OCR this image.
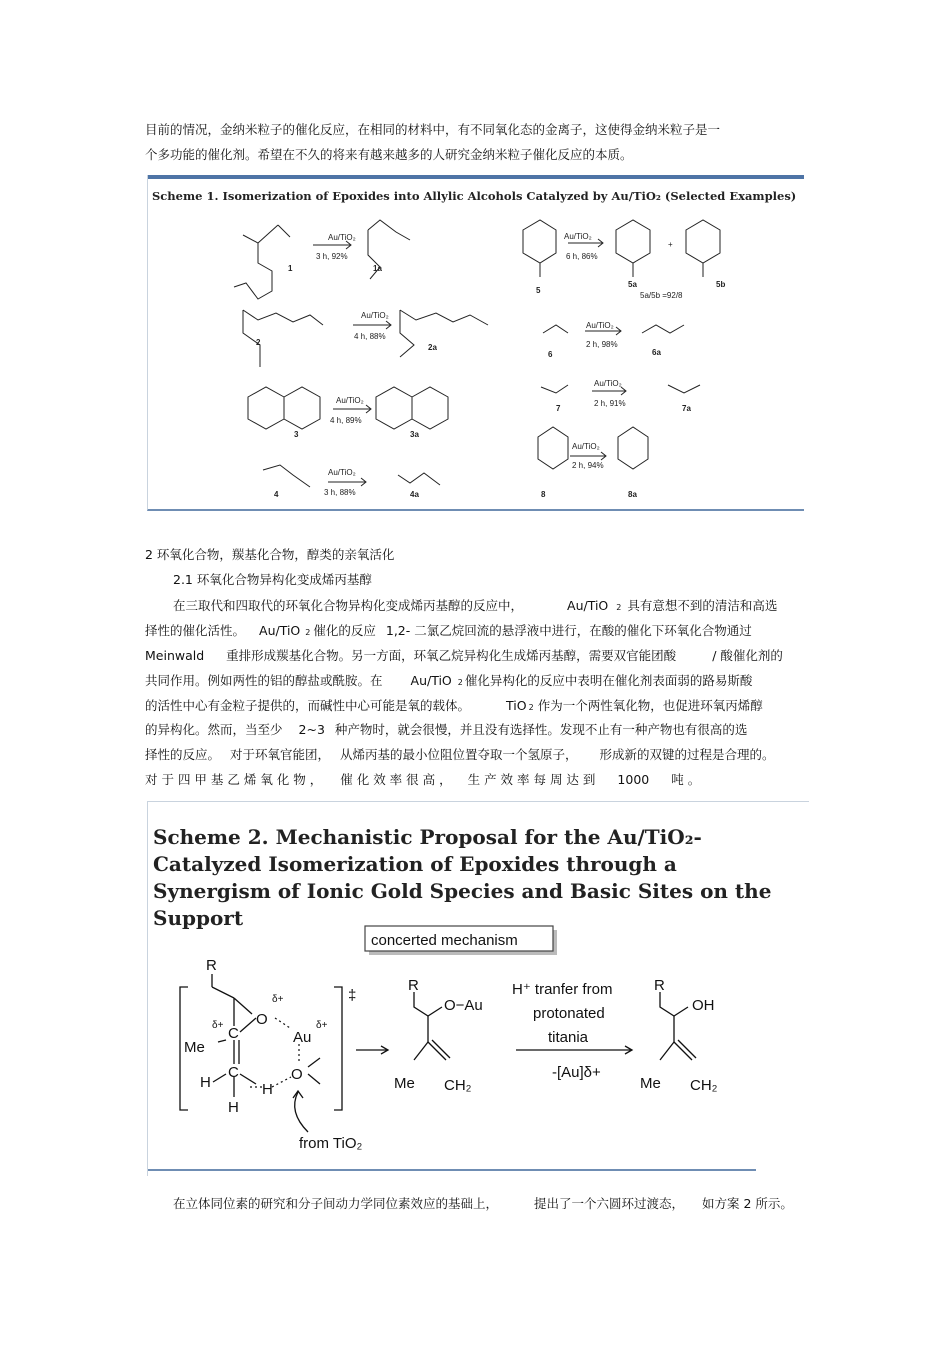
目前的情况，金纳米粒子的催化反应，在相同的材料中，有不同氧化态的金离子，这使得金纳米粒子是一
个多功能的催化剂。希望在不久的将来有越来越多的人研究金纳米粒子催化反应的本质。
Scheme 1. Isomerization of Epoxides into Allylic Alcohols Catalyzed by Au/TiO₂ (Selected Examples)
Au/TiO₂
3 h, 92%
1	1a
Au/TiO₂
4 h, 88%
2
2a
Au/TiO₂
4 h, 89%
3	3a
Au/TiO₂
3 h, 88%
4	4a
Au/TiO₂
6 h, 86%
5
5a
+
5b
5a/5b =92/8
Au/TiO₂
2 h, 98%
6	6a
Au/TiO₂
2 h, 91%
7	7a
Au/TiO₂
2 h, 94%
8	8a
2 环氧化合物，羰基化合物，醇类的亲氧活化
2.1 环氧化合物异构化变成烯丙基醇
在三取代和四取代的环氧化合物异构化变成烯丙基醇的反应中，	Au/TiO 2 具有意想不到的清洁和高选
择性的催化活性。 Au/TiO 2 催化的反应 1,2- 二氯乙烷回流的悬浮液中进行，在酸的催化下环氧化合物通过
Meinwald 重排形成羰基化合物。另一方面，环氧乙烷异构化生成烯丙基醇，需要双官能团酸	/ 酸催化剂的
共同作用。例如两性的铝的醇盐或酰胺。在 Au/TiO 2 催化异构化的反应中表明在催化剂表面弱的路易斯酸
的活性中心有金粒子提供的，而碱性中心可能是氧的载体。	TiO 2 作为一个两性氧化物，也促进环氧丙烯醇
的异构化。然而，当至少 2~3 种产物时，就会很慢，并且没有选择性。发现不止有一种产物也有很高的选
择性的反应。 对于环氧官能团， 从烯丙基的最小位阻位置夺取一个氢原子， 形成新的双键的过程是合理的。
对 于 四 甲 基 乙 烯 氧 化 物 ， 催 化 效 率 很 高 ， 生 产 效 率 每 周 达 到 1000 吨 。
Scheme 2. Mechanistic Proposal for the Au/TiO₂-Catalyzed Isomerization of Epoxides through a Synergism of Ionic Gold Species and Basic Sites on the Support
concerted mechanism
R
O
δ+
C
δ+
Me
Au
δ+
C
H	H
H
O
‡
from TiO₂
R
O−Au
Me CH₂
H⁺ tranfer from
protonated
titania
-[Au]δ+
R
OH
Me CH₂
在立体同位素的研究和分子间动力学同位素效应的基础上，	提出了一个六圆环过渡态， 如方案 2 所示。
